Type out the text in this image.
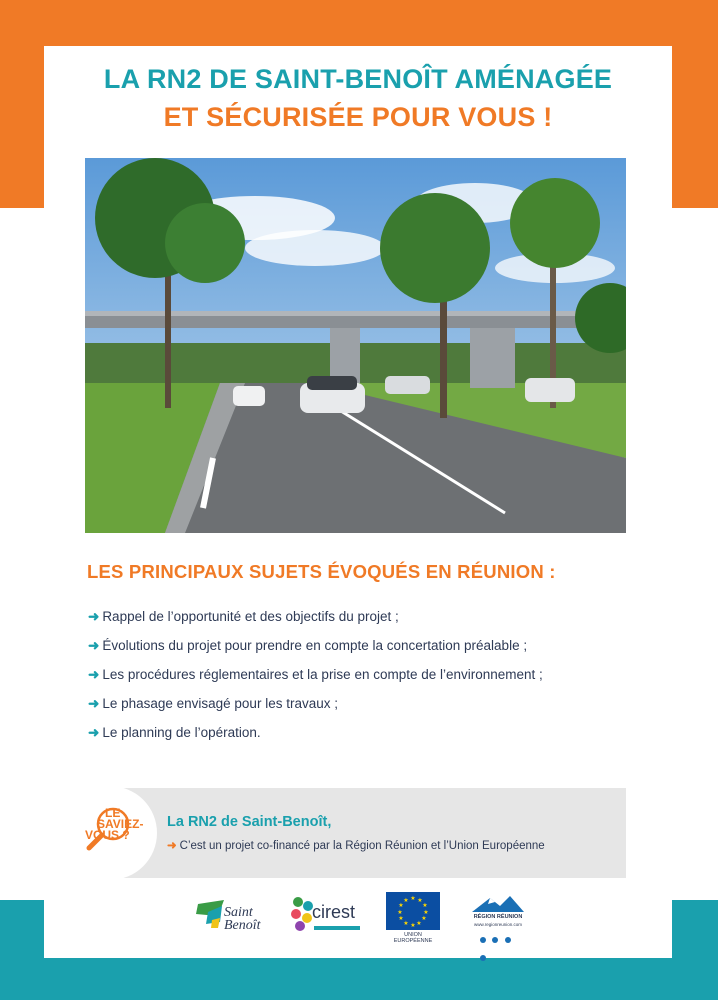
LA RN2 DE SAINT-BENOÎT AMÉNAGÉE
ET SÉCURISÉE POUR VOUS !
LES PRINCIPAUX SUJETS ÉVOQUÉS EN RÉUNION :
➜ Rappel de l’opportunité et des objectifs du projet ;
➜ Évolutions du projet pour prendre en compte la concertation préalable ;
➜ Les procédures réglementaires et la prise en compte de l’environnement ;
➜ Le phasage envisagé pour les travaux ;
➜ Le planning de l’opération.
LE
SAVIEZ-
VOUS ?
La RN2 de Saint-Benoît,
➜ C’est un projet co-financé par la Région Réunion et l’Union Européenne
Saint
Benoît
cirest
★ ★
★
★
★
★
★
★
★
★
★
★
UNION EUROPÉENNE
RÉGION RÉUNION
www.regionreunion.com
